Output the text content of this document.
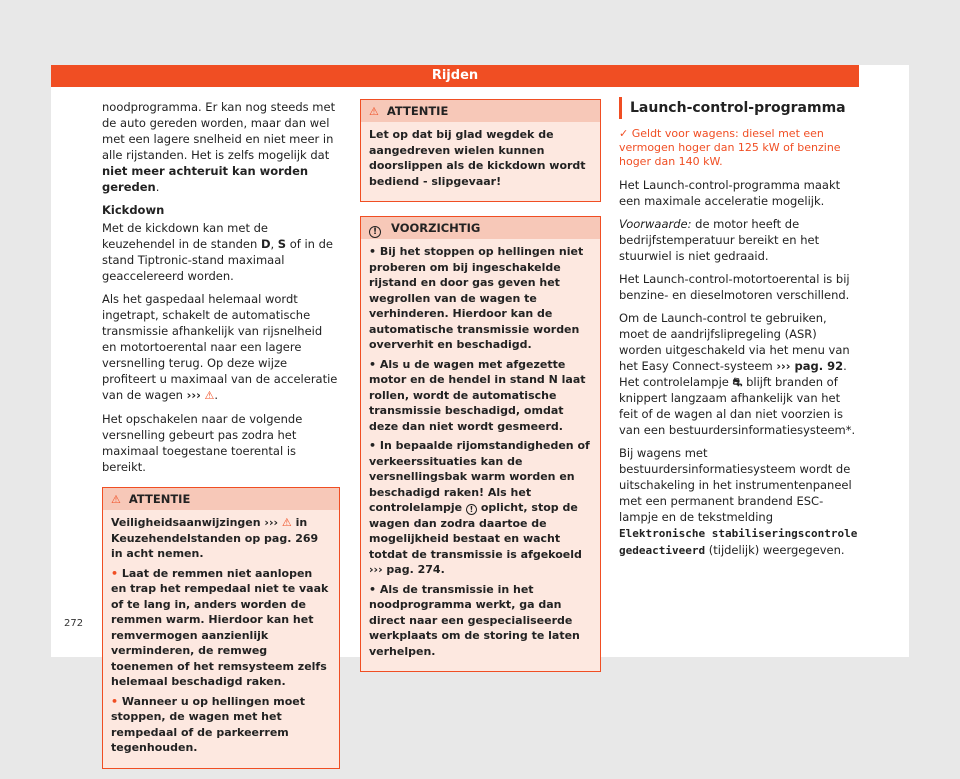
Rijden

noodprogramma. Er kan nog steeds met de auto gereden worden, maar dan wel met een lagere snelheid en niet meer in alle rijstanden. Het is zelfs mogelijk dat niet meer achteruit kan worden gereden.

Kickdown

Met de kickdown kan met de keuzehendel in de standen D, S of in de stand Tiptronic-stand maximaal geaccelereerd worden.

Als het gaspedaal helemaal wordt ingetrapt, schakelt de automatische transmissie afhankelijk van rijsnelheid en motortoerental naar een lagere versnelling terug. Op deze wijze profiteert u maximaal van de acceleratie van de wagen ››› ⚠.

Het opschakelen naar de volgende versnelling gebeurt pas zodra het maximaal toegestane toerental is bereikt.

⚠ ATTENTIE

Veiligheidsaanwijzingen ››› ⚠ in Keuzehendelstanden op pag. 269 in acht nemen.

• Laat de remmen niet aanlopen en trap het rempedaal niet te vaak of te lang in, anders worden de remmen warm. Hierdoor kan het remvermogen aanzienlijk verminderen, de remweg toenemen of het remsysteem zelfs helemaal beschadigd raken.

• Wanneer u op hellingen moet stoppen, de wagen met het rempedaal of de parkeerrem tegenhouden.

⚠ ATTENTIE

Let op dat bij glad wegdek de aangedreven wielen kunnen doorslippen als de kickdown wordt bediend - slipgevaar!

! VOORZICHTIG

• Bij het stoppen op hellingen niet proberen om bij ingeschakelde rijstand en door gas geven het wegrollen van de wagen te verhinderen. Hierdoor kan de automatische transmissie worden oververhit en beschadigd.

• Als u de wagen met afgezette motor en de hendel in stand N laat rollen, wordt de automatische transmissie beschadigd, omdat deze dan niet wordt gesmeerd.

• In bepaalde rijomstandigheden of verkeerssituaties kan de versnellingsbak warm worden en beschadigd raken! Als het controlelampje ! oplicht, stop de wagen dan zodra daartoe de mogelijkheid bestaat en wacht totdat de transmissie is afgekoeld ››› pag. 274.

• Als de transmissie in het noodprogramma werkt, ga dan direct naar een gespecialiseerde werkplaats om de storing te laten verhelpen.

Launch-control-programma

✓ Geldt voor wagens: diesel met een vermogen hoger dan 125 kW of benzine hoger dan 140 kW.

Het Launch-control-programma maakt een maximale acceleratie mogelijk.

Voorwaarde: de motor heeft de bedrijfstemperatuur bereikt en het stuurwiel is niet gedraaid.

Het Launch-control-motortoerental is bij benzine- en dieselmotoren verschillend.

Om de Launch-control te gebruiken, moet de aandrijfslipregeling (ASR) worden uitgeschakeld via het menu van het Easy Connect-systeem ››› pag. 92. Het controlelampje ⛐ blijft branden of knippert langzaam afhankelijk van het feit of de wagen al dan niet voorzien is van een bestuurdersinformatiesysteem*.

Bij wagens met bestuurdersinformatiesysteem wordt de uitschakeling in het instrumentenpaneel met een permanent brandend ESC-lampje en de tekstmelding Elektronische stabiliseringscontrole gedeactiveerd (tijdelijk) weergegeven.

272
